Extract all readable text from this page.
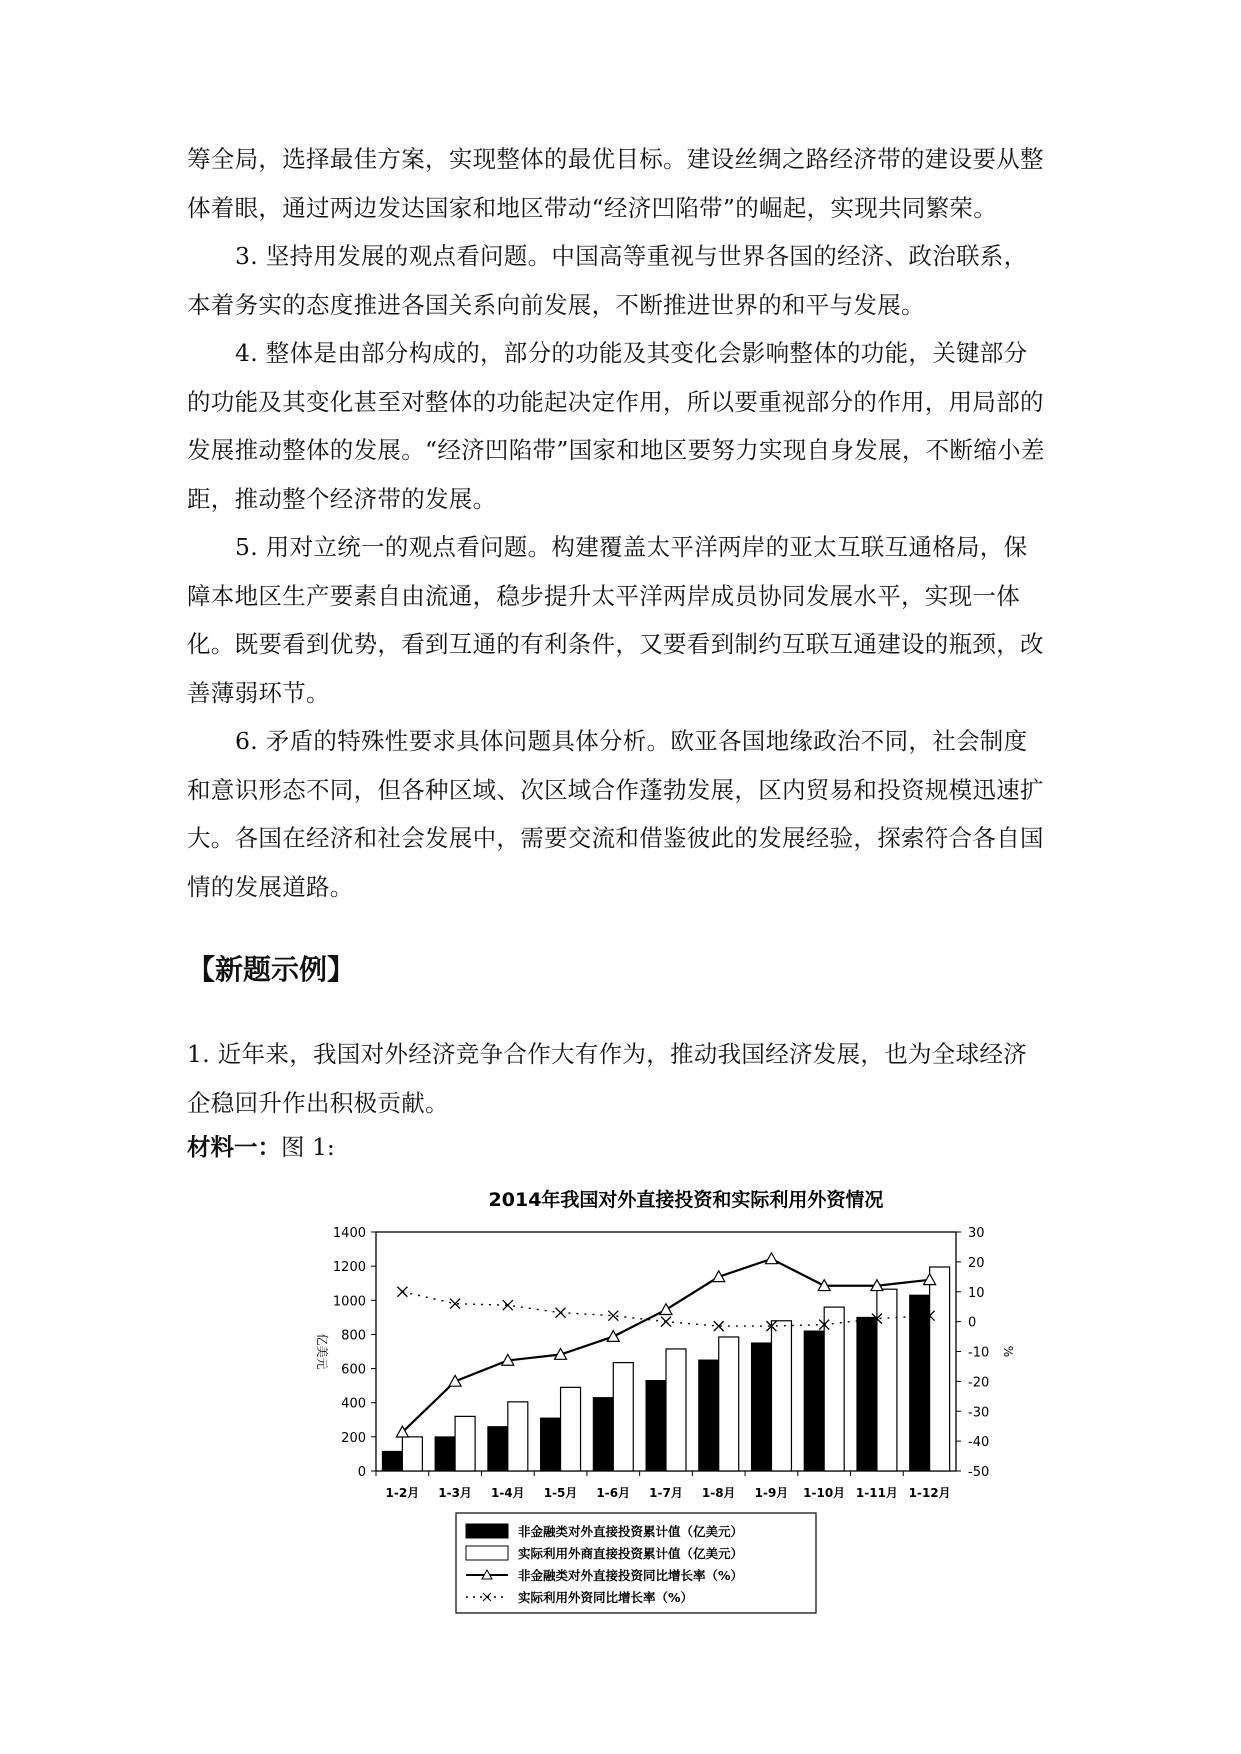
筹全局，选择最佳方案，实现整体的最优目标。建设丝绸之路经济带的建设要从整体着眼，通过两边发达国家和地区带动“经济凹陷带”的崛起，实现共同繁荣。

3. 坚持用发展的观点看问题。中国高等重视与世界各国的经济、政治联系，本着务实的态度推进各国关系向前发展，不断推进世界的和平与发展。

4. 整体是由部分构成的，部分的功能及其变化会影响整体的功能，关键部分的功能及其变化甚至对整体的功能起决定作用，所以要重视部分的作用，用局部的发展推动整体的发展。“经济凹陷带”国家和地区要努力实现自身发展，不断缩小差距，推动整个经济带的发展。

5. 用对立统一的观点看问题。构建覆盖太平洋两岸的亚太互联互通格局，保障本地区生产要素自由流通，稳步提升太平洋两岸成员协同发展水平，实现一体化。既要看到优势，看到互通的有利条件，又要看到制约互联互通建设的瓶颈，改善薄弱环节。

6. 矛盾的特殊性要求具体问题具体分析。欧亚各国地缘政治不同，社会制度和意识形态不同，但各种区域、次区域合作蓬勃发展，区内贸易和投资规模迅速扩大。各国在经济和社会发展中，需要交流和借鉴彼此的发展经验，探索符合各自国情的发展道路。

【新题示例】

1. 近年来，我国对外经济竞争合作大有作为，推动我国经济发展，也为全球经济企稳回升作出积极贡献。

材料一：图 1:
2014年我国对外直接投资和实际利用外资情况
0
200
400
600
800
1000
1200
1400
-50
-40
-30
-20
-10
0
10
20
30
亿美元	%
1-2月 1-3月 1-4月 1-5月 1-6月 1-7月 1-8月 1-9月 1-10月 1-11月 1-12月
非金融类对外直接投资累计值（亿美元）
实际利用外商直接投资累计值（亿美元）
非金融类对外直接投资同比增长率（%）
实际利用外资同比增长率（%）
